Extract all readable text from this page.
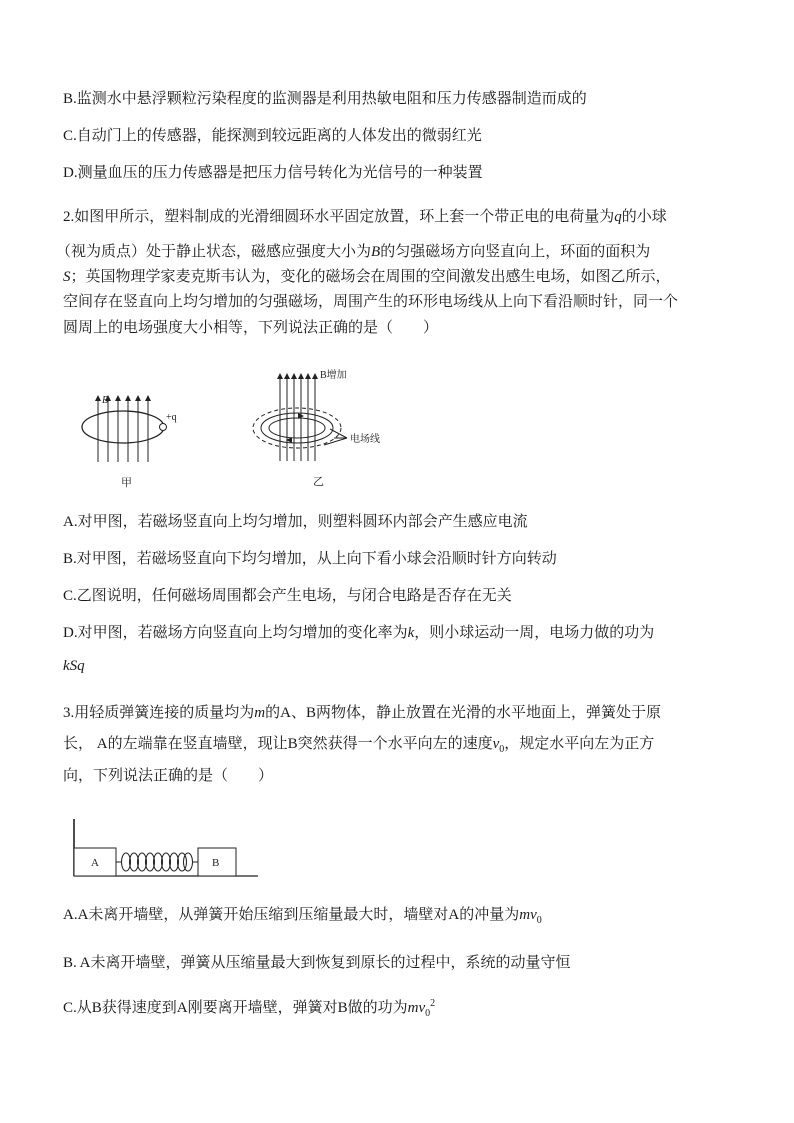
B.监测水中悬浮颗粒污染程度的监测器是利用热敏电阻和压力传感器制造而成的
C.自动门上的传感器，能探测到较远距离的人体发出的微弱红光
D.测量血压的压力传感器是把压力信号转化为光信号的一种装置
2.如图甲所示，塑料制成的光滑细圆环水平固定放置，环上套一个带正电的电荷量为q的小球
（视为质点）处于静止状态，磁感应强度大小为B的匀强磁场方向竖直向上，环面的面积为
S；英国物理学家麦克斯韦认为，变化的磁场会在周围的空间激发出感生电场，如图乙所示，
空间存在竖直向上均匀增加的匀强磁场，周围产生的环形电场线从上向下看沿顺时针，同一个
圆周上的电场强度大小相等，下列说法正确的是（　　）
B
+q
甲
B增加
电场线
乙
A.对甲图，若磁场竖直向上均匀增加，则塑料圆环内部会产生感应电流
B.对甲图，若磁场竖直向下均匀增加，从上向下看小球会沿顺时针方向转动
C.乙图说明，任何磁场周围都会产生电场，与闭合电路是否存在无关
D.对甲图，若磁场方向竖直向上均匀增加的变化率为k，则小球运动一周，电场力做的功为
kSq
3.用轻质弹簧连接的质量均为m的A、B两物体，静止放置在光滑的水平地面上，弹簧处于原
长， A的左端靠在竖直墙壁，现让B突然获得一个水平向左的速度$v_0$，规定水平向左为正方
向，下列说法正确的是（　　）
A	B
A.A未离开墙壁，从弹簧开始压缩到压缩量最大时，墙壁对A的冲量为$mv_0$
B. A未离开墙壁，弹簧从压缩量最大到恢复到原长的过程中，系统的动量守恒
C.从B获得速度到A刚要离开墙壁，弹簧对B做的功为$mv_0^2$
